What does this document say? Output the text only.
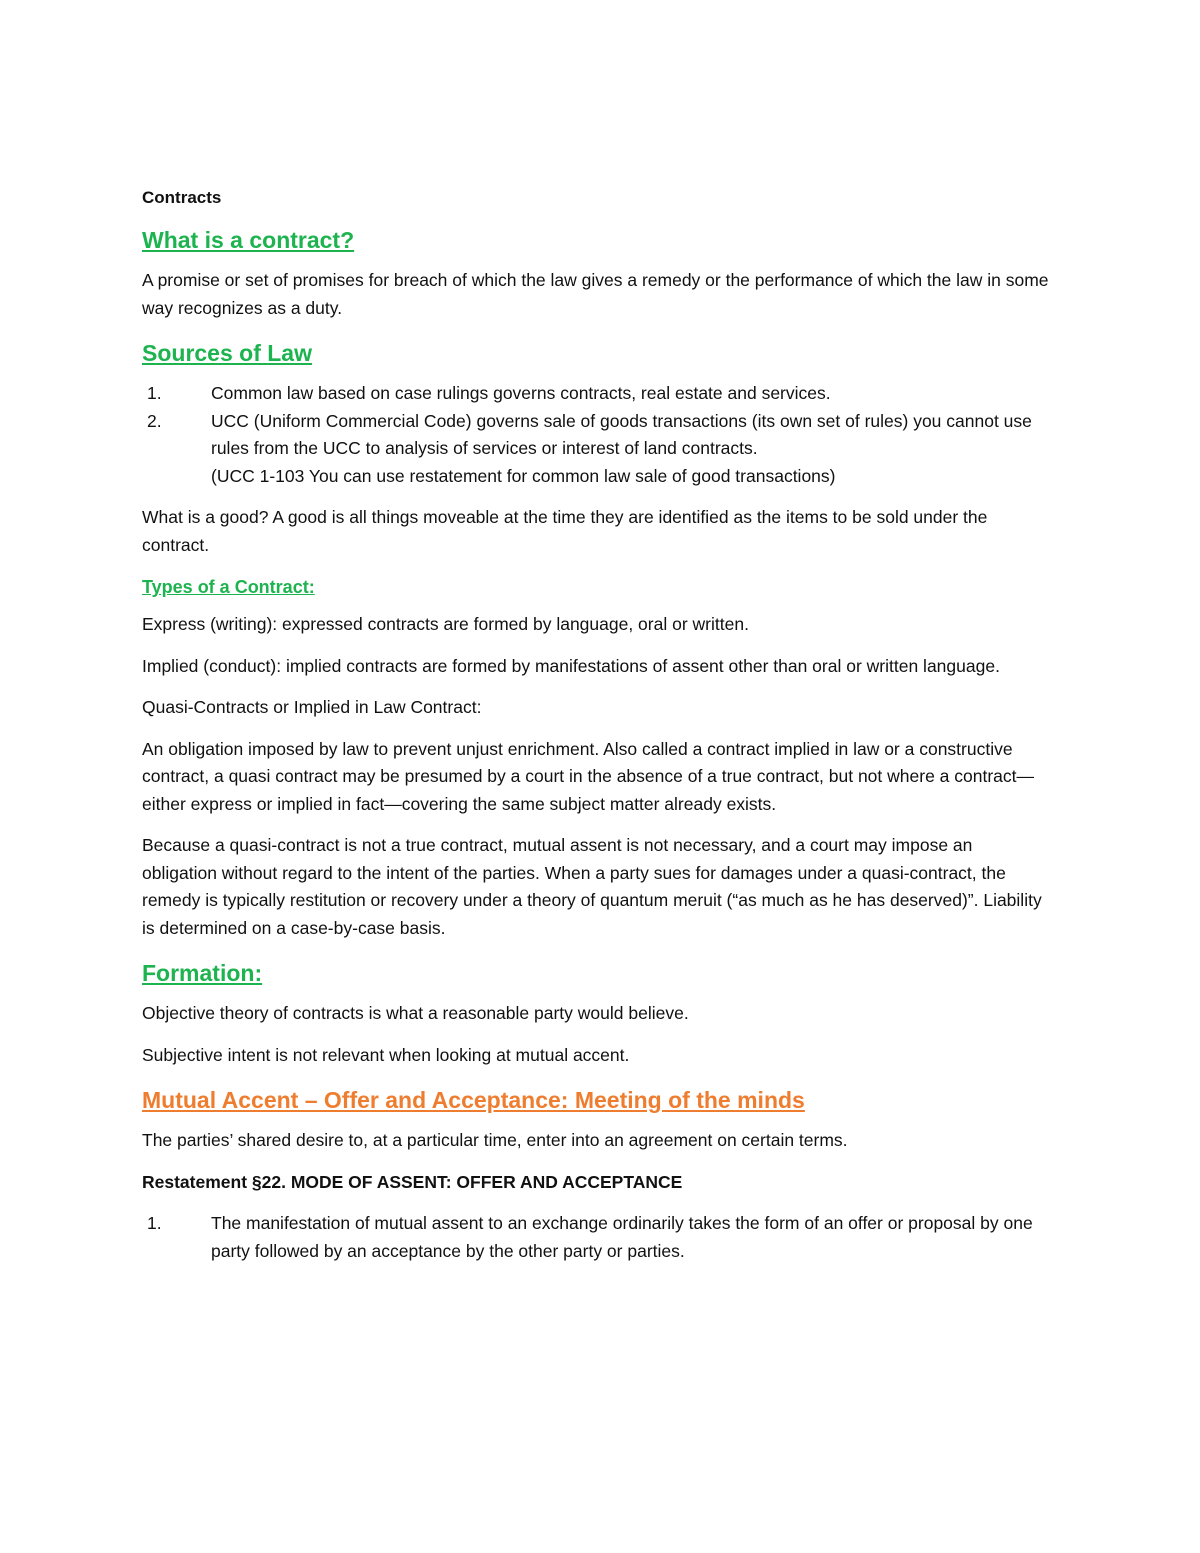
Contracts

What is a contract?

A promise or set of promises for breach of which the law gives a remedy or the performance of which the law in some way recognizes as a duty.

Sources of Law

1.	Common law based on case rulings governs contracts, real estate and services.
2.	UCC (Uniform Commercial Code) governs sale of goods transactions (its own set of rules) you cannot use rules from the UCC to analysis of services or interest of land contracts.
(UCC 1-103 You can use restatement for common law sale of good transactions)

What is a good? A good is all things moveable at the time they are identified as the items to be sold under the contract.

Types of a Contract:

Express (writing): expressed contracts are formed by language, oral or written.

Implied (conduct): implied contracts are formed by manifestations of assent other than oral or written language.

Quasi-Contracts or Implied in Law Contract:

An obligation imposed by law to prevent unjust enrichment. Also called a contract implied in law or a constructive contract, a quasi contract may be presumed by a court in the absence of a true contract, but not where a contract—either express or implied in fact—covering the same subject matter already exists.

Because a quasi-contract is not a true contract, mutual assent is not necessary, and a court may impose an obligation without regard to the intent of the parties. When a party sues for damages under a quasi-contract, the remedy is typically restitution or recovery under a theory of quantum meruit (“as much as he has deserved)”. Liability is determined on a case-by-case basis.

Formation:

Objective theory of contracts is what a reasonable party would believe.

Subjective intent is not relevant when looking at mutual accent.

Mutual Accent – Offer and Acceptance: Meeting of the minds

The parties’ shared desire to, at a particular time, enter into an agreement on certain terms.

Restatement §22. MODE OF ASSENT: OFFER AND ACCEPTANCE

1.	The manifestation of mutual assent to an exchange ordinarily takes the form of an offer or proposal by one party followed by an acceptance by the other party or parties.
